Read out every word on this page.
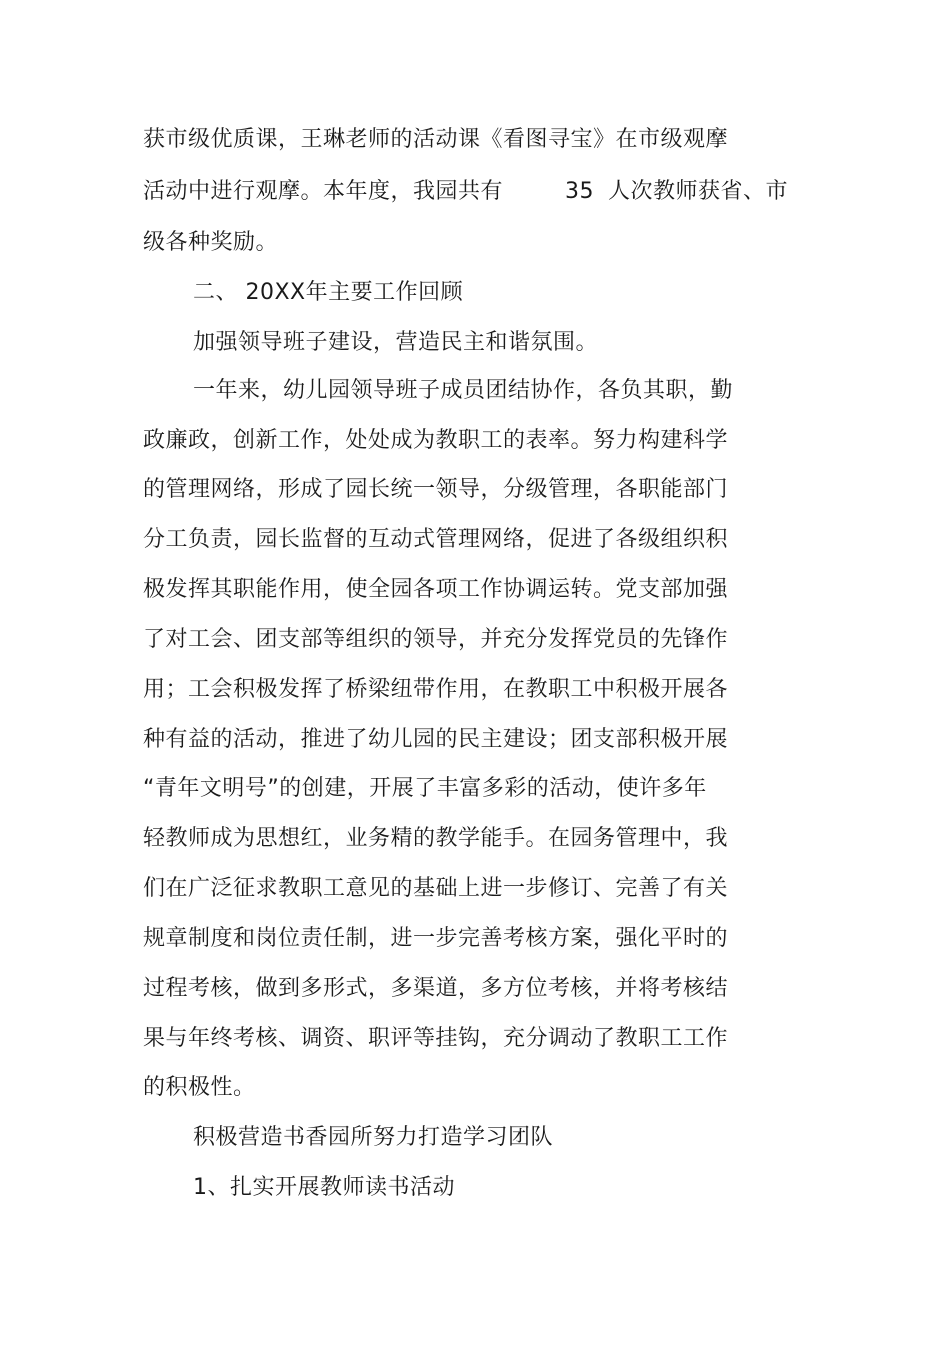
获市级优质课，王琳老师的活动课《看图寻宝》在市级观摩
活动中进行观摩。本年度，我园共有	35 人次教师获省、市
级各种奖励。
二、 20XX年主要工作回顾
加强领导班子建设，营造民主和谐氛围。
一年来，幼儿园领导班子成员团结协作，各负其职，勤
政廉政，创新工作，处处成为教职工的表率。努力构建科学
的管理网络，形成了园长统一领导，分级管理，各职能部门
分工负责，园长监督的互动式管理网络，促进了各级组织积
极发挥其职能作用，使全园各项工作协调运转。党支部加强
了对工会、团支部等组织的领导，并充分发挥党员的先锋作
用；工会积极发挥了桥梁纽带作用，在教职工中积极开展各
种有益的活动，推进了幼儿园的民主建设；团支部积极开展
“青年文明号”的创建，开展了丰富多彩的活动，使许多年
轻教师成为思想红，业务精的教学能手。在园务管理中，我
们在广泛征求教职工意见的基础上进一步修订、完善了有关
规章制度和岗位责任制，进一步完善考核方案，强化平时的
过程考核，做到多形式，多渠道，多方位考核，并将考核结
果与年终考核、调资、职评等挂钩，充分调动了教职工工作
的积极性。
积极营造书香园所努力打造学习团队
1、扎实开展教师读书活动
